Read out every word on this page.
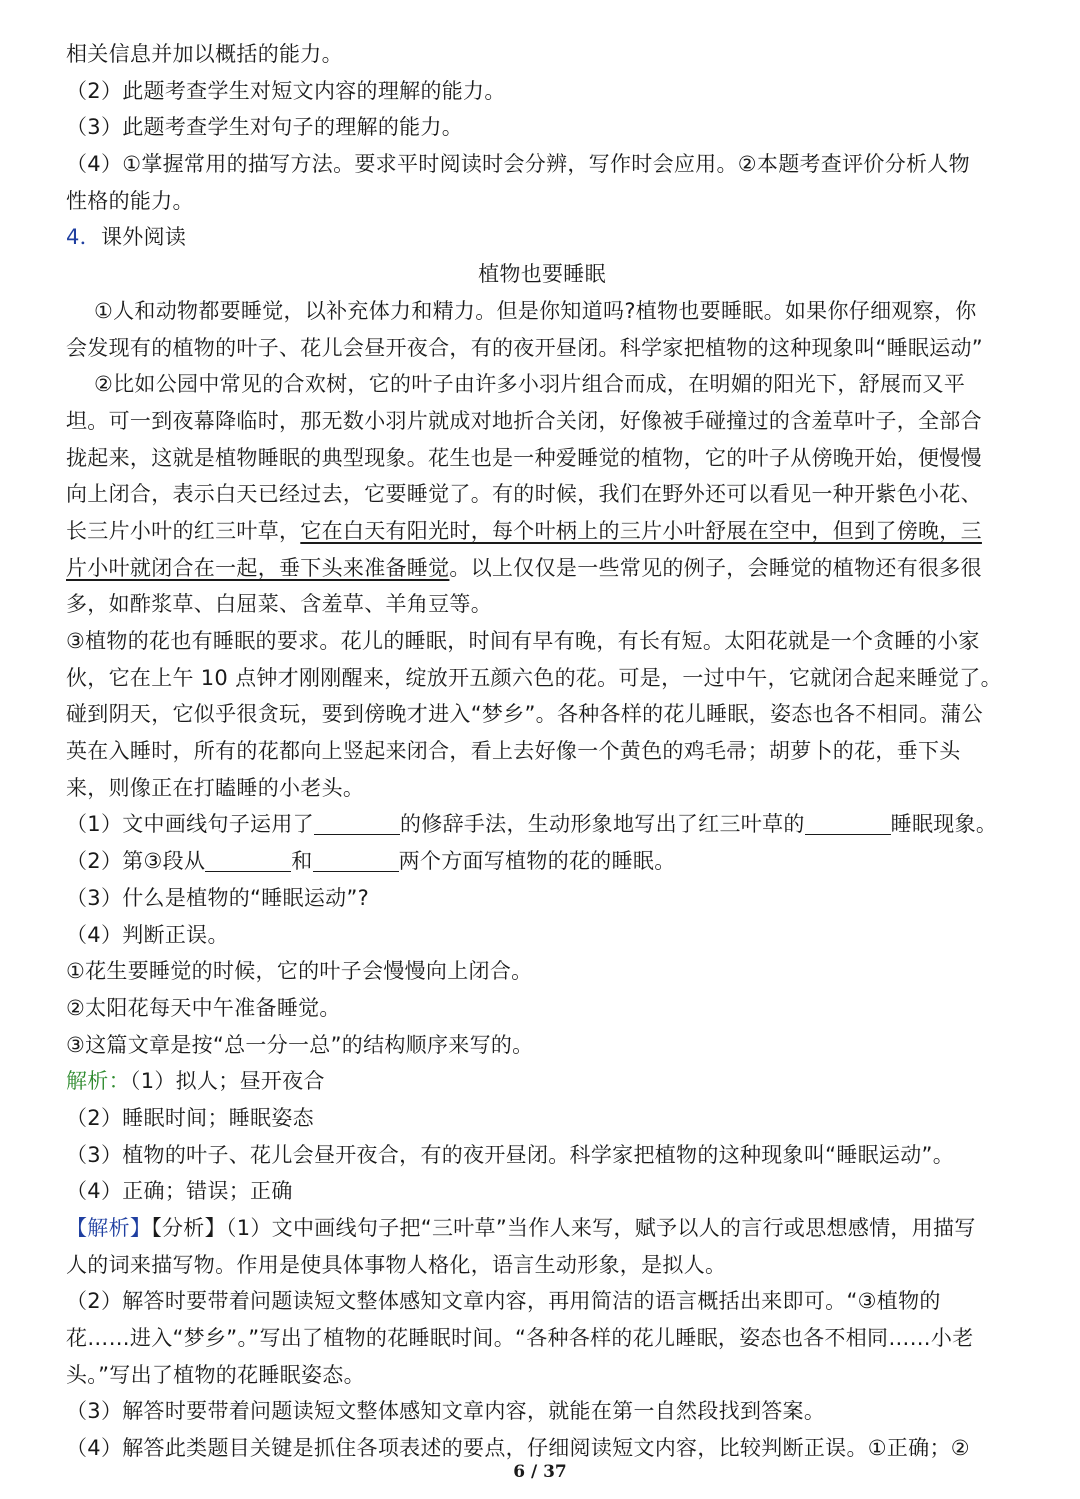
相关信息并加以概括的能力。
（2）此题考查学生对短文内容的理解的能力。
（3）此题考查学生对句子的理解的能力。
（4）①掌握常用的描写方法。要求平时阅读时会分辨，写作时会应用。②本题考查评价分析人物
性格的能力。
4．课外阅读
植物也要睡眠
①人和动物都要睡觉，以补充体力和精力。但是你知道吗?植物也要睡眠。如果你仔细观察，你
会发现有的植物的叶子、花儿会昼开夜合，有的夜开昼闭。科学家把植物的这种现象叫“睡眠运动”
②比如公园中常见的合欢树，它的叶子由许多小羽片组合而成，在明媚的阳光下，舒展而又平
坦。可一到夜幕降临时，那无数小羽片就成对地折合关闭，好像被手碰撞过的含羞草叶子，全部合
拢起来，这就是植物睡眠的典型现象。花生也是一种爱睡觉的植物，它的叶子从傍晚开始，便慢慢
向上闭合，表示白天已经过去，它要睡觉了。有的时候，我们在野外还可以看见一种开紫色小花、
长三片小叶的红三叶草，它在白天有阳光时，每个叶柄上的三片小叶舒展在空中，但到了傍晚，三
片小叶就闭合在一起，垂下头来准备睡觉。以上仅仅是一些常见的例子，会睡觉的植物还有很多很
多，如酢浆草、白屈菜、含羞草、羊角豆等。
③植物的花也有睡眠的要求。花儿的睡眠，时间有早有晚，有长有短。太阳花就是一个贪睡的小家
伙，它在上午 10 点钟才刚刚醒来，绽放开五颜六色的花。可是，一过中午，它就闭合起来睡觉了。
碰到阴天，它似乎很贪玩，要到傍晚才进入“梦乡”。各种各样的花儿睡眠，姿态也各不相同。蒲公
英在入睡时，所有的花都向上竖起来闭合，看上去好像一个黄色的鸡毛帚；胡萝卜的花，垂下头
来，则像正在打瞌睡的小老头。
（1）文中画线句子运用了	的修辞手法，生动形象地写出了红三叶草的	睡眠现象。
（2）第③段从	和	两个方面写植物的花的睡眠。
（3）什么是植物的“睡眠运动”?
（4）判断正误。
①花生要睡觉的时候，它的叶子会慢慢向上闭合。
②太阳花每天中午准备睡觉。
③这篇文章是按“总一分一总”的结构顺序来写的。
解析：（1）拟人；昼开夜合
（2）睡眠时间；睡眠姿态
（3）植物的叶子、花儿会昼开夜合，有的夜开昼闭。科学家把植物的这种现象叫“睡眠运动”。
（4）正确；错误；正确
【解析】【分析】（1）文中画线句子把“三叶草”当作人来写，赋予以人的言行或思想感情，用描写
人的词来描写物。作用是使具体事物人格化，语言生动形象，是拟人。
（2）解答时要带着问题读短文整体感知文章内容，再用简洁的语言概括出来即可。“③植物的
花……进入“梦乡”。”写出了植物的花睡眠时间。“各种各样的花儿睡眠，姿态也各不相同……小老
头。”写出了植物的花睡眠姿态。
（3）解答时要带着问题读短文整体感知文章内容，就能在第一自然段找到答案。
（4）解答此类题目关键是抓住各项表述的要点，仔细阅读短文内容，比较判断正误。①正确；②
6 / 37
